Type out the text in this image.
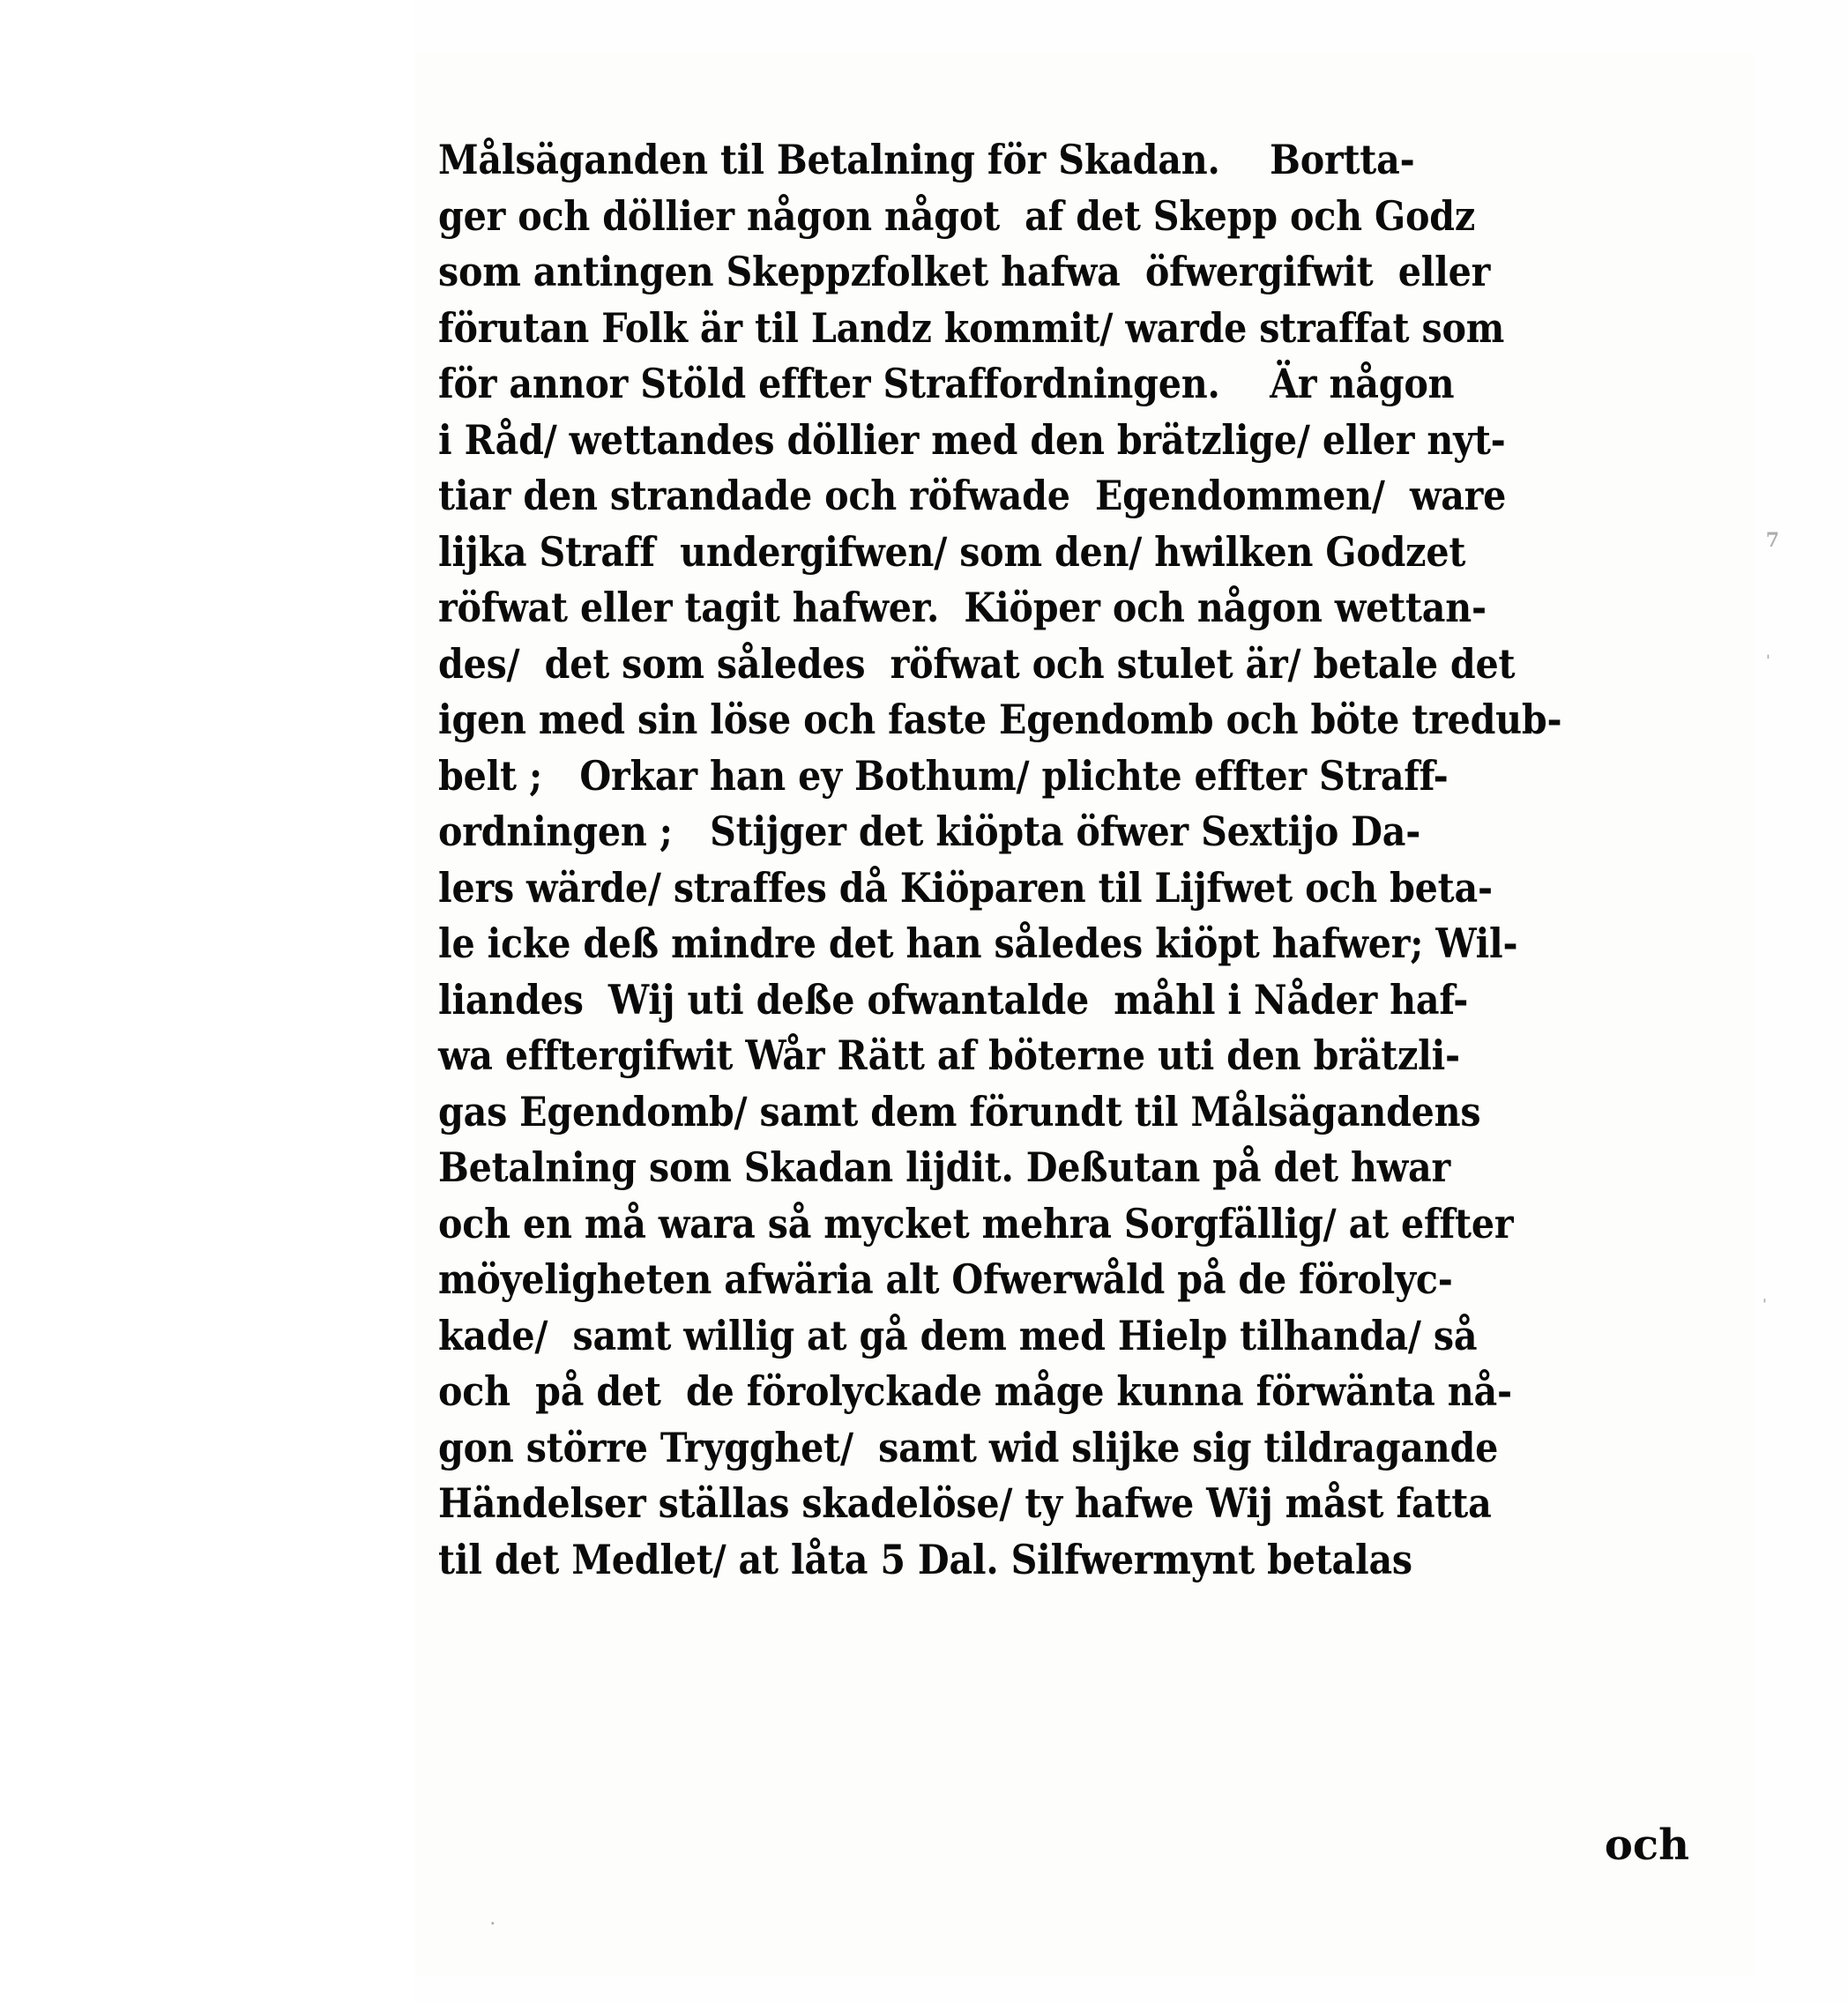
Målsäganden til Betalning för Skadan.    Bortta-
ger och döllier någon något  af det Skepp och Godz
som antingen Skeppzfolket hafwa  öfwergifwit  eller
förutan Folk är til Landz kommit/ warde straffat som
för annor Stöld effter Straffordningen.    Är någon
i Råd/ wettandes döllier med den brätzlige/ eller nyt-
tiar den strandade och röfwade  Egendommen/  ware
lijka Straff  undergifwen/ som den/ hwilken Godzet
röfwat eller tagit hafwer.  Kiöper och någon wettan-
des/  det som således  röfwat och stulet är/ betale det
igen med sin löse och faste Egendomb och böte tredub-
belt ;   Orkar han ey Bothum/ plichte effter Straff-
ordningen ;   Stijger det kiöpta öfwer Sextijo Da-
lers wärde/ straffes då Kiöparen til Lijfwet och beta-
le icke deß mindre det han således kiöpt hafwer; Wil-
liandes  Wij uti deße ofwantalde  måhl i Nåder haf-
wa efftergifwit Wår Rätt af böterne uti den brätzli-
gas Egendomb/ samt dem förundt til Målsägandens
Betalning som Skadan lijdit. Deßutan på det hwar
och en må wara så mycket mehra Sorgfällig/ at effter
möyeligheten afwäria alt Ofwerwåld på de förolyc-
kade/  samt willig at gå dem med Hielp tilhanda/ så
och  på det  de förolyckade måge kunna förwänta nå-
gon större Trygghet/  samt wid slijke sig tildragande
Händelser ställas skadelöse/ ty hafwe Wij måst fatta
til det Medlet/ at låta 5 Dal. Silfwermynt betalas
och
7
ˈ
ˌ
.
